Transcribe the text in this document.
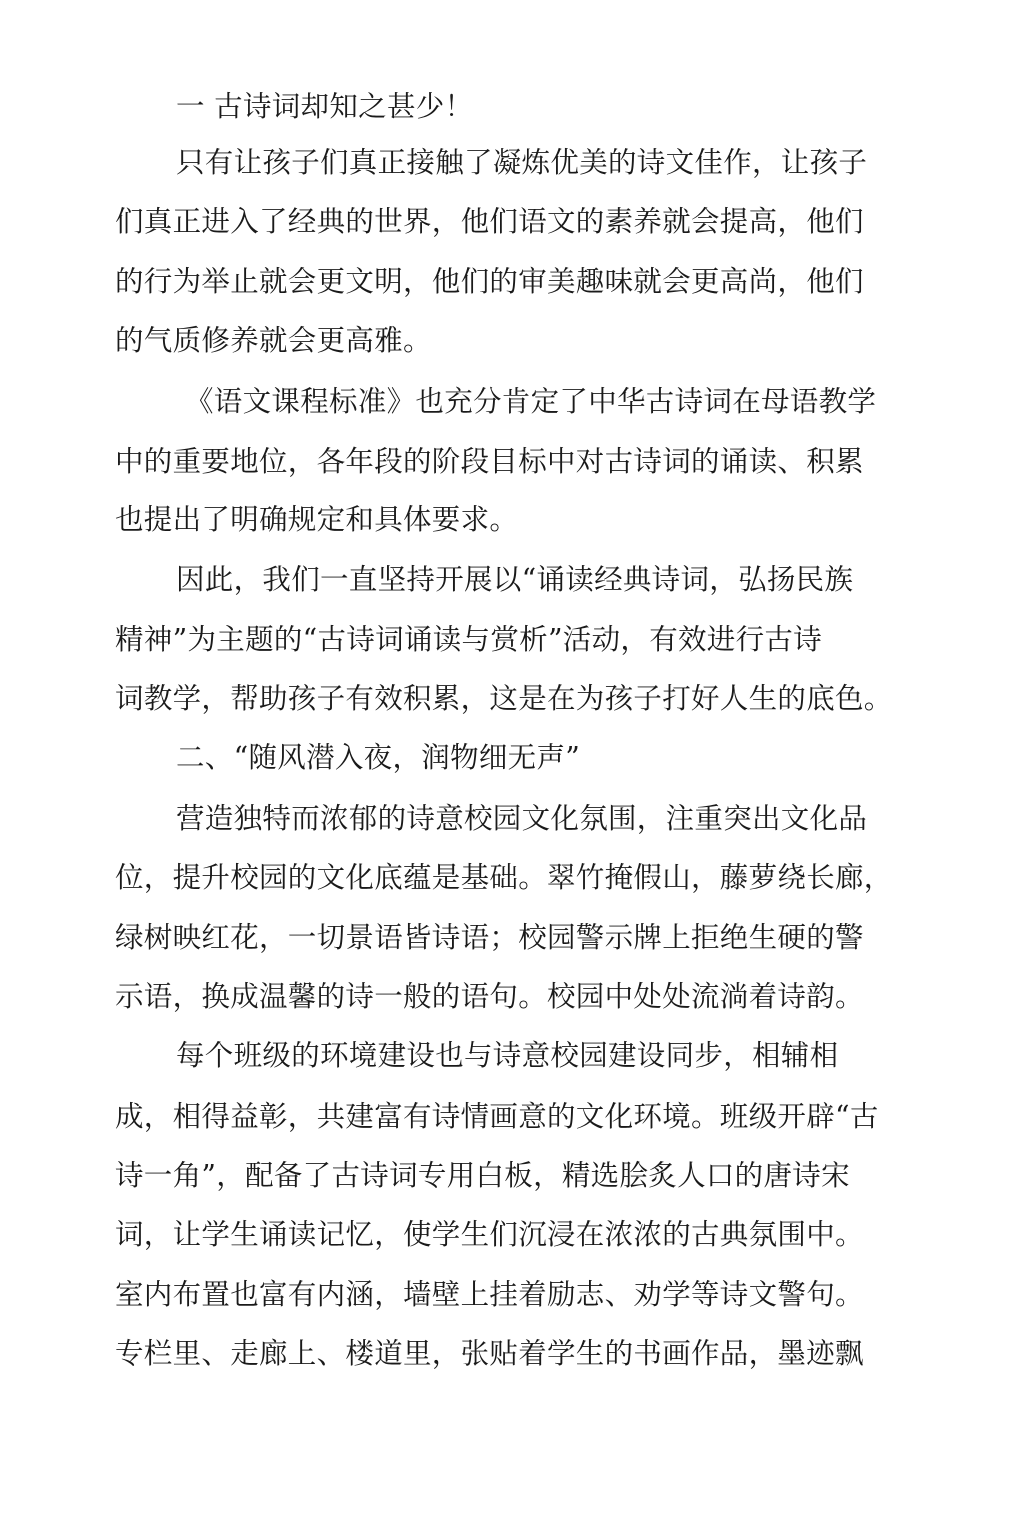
一 古诗词却知之甚少！
只有让孩子们真正接触了凝炼优美的诗文佳作，让孩子
们真正进入了经典的世界，他们语文的素养就会提高，他们
的行为举止就会更文明，他们的审美趣味就会更高尚，他们
的气质修养就会更高雅。
《语文课程标准》也充分肯定了中华古诗词在母语教学
中的重要地位，各年段的阶段目标中对古诗词的诵读、积累
也提出了明确规定和具体要求。
因此，我们一直坚持开展以“诵读经典诗词，弘扬民族
精神”为主题的“古诗词诵读与赏析”活动，有效进行古诗
词教学，帮助孩子有效积累，这是在为孩子打好人生的底色。
二、“随风潜入夜，润物细无声”
营造独特而浓郁的诗意校园文化氛围，注重突出文化品
位，提升校园的文化底蕴是基础。翠竹掩假山，藤萝绕长廊，
绿树映红花，一切景语皆诗语；校园警示牌上拒绝生硬的警
示语，换成温馨的诗一般的语句。校园中处处流淌着诗韵。
每个班级的环境建设也与诗意校园建设同步，相辅相
成，相得益彰，共建富有诗情画意的文化环境。班级开辟“古
诗一角”，配备了古诗词专用白板，精选脍炙人口的唐诗宋
词，让学生诵读记忆，使学生们沉浸在浓浓的古典氛围中。
室内布置也富有内涵，墙壁上挂着励志、劝学等诗文警句。
专栏里、走廊上、楼道里，张贴着学生的书画作品，墨迹飘
